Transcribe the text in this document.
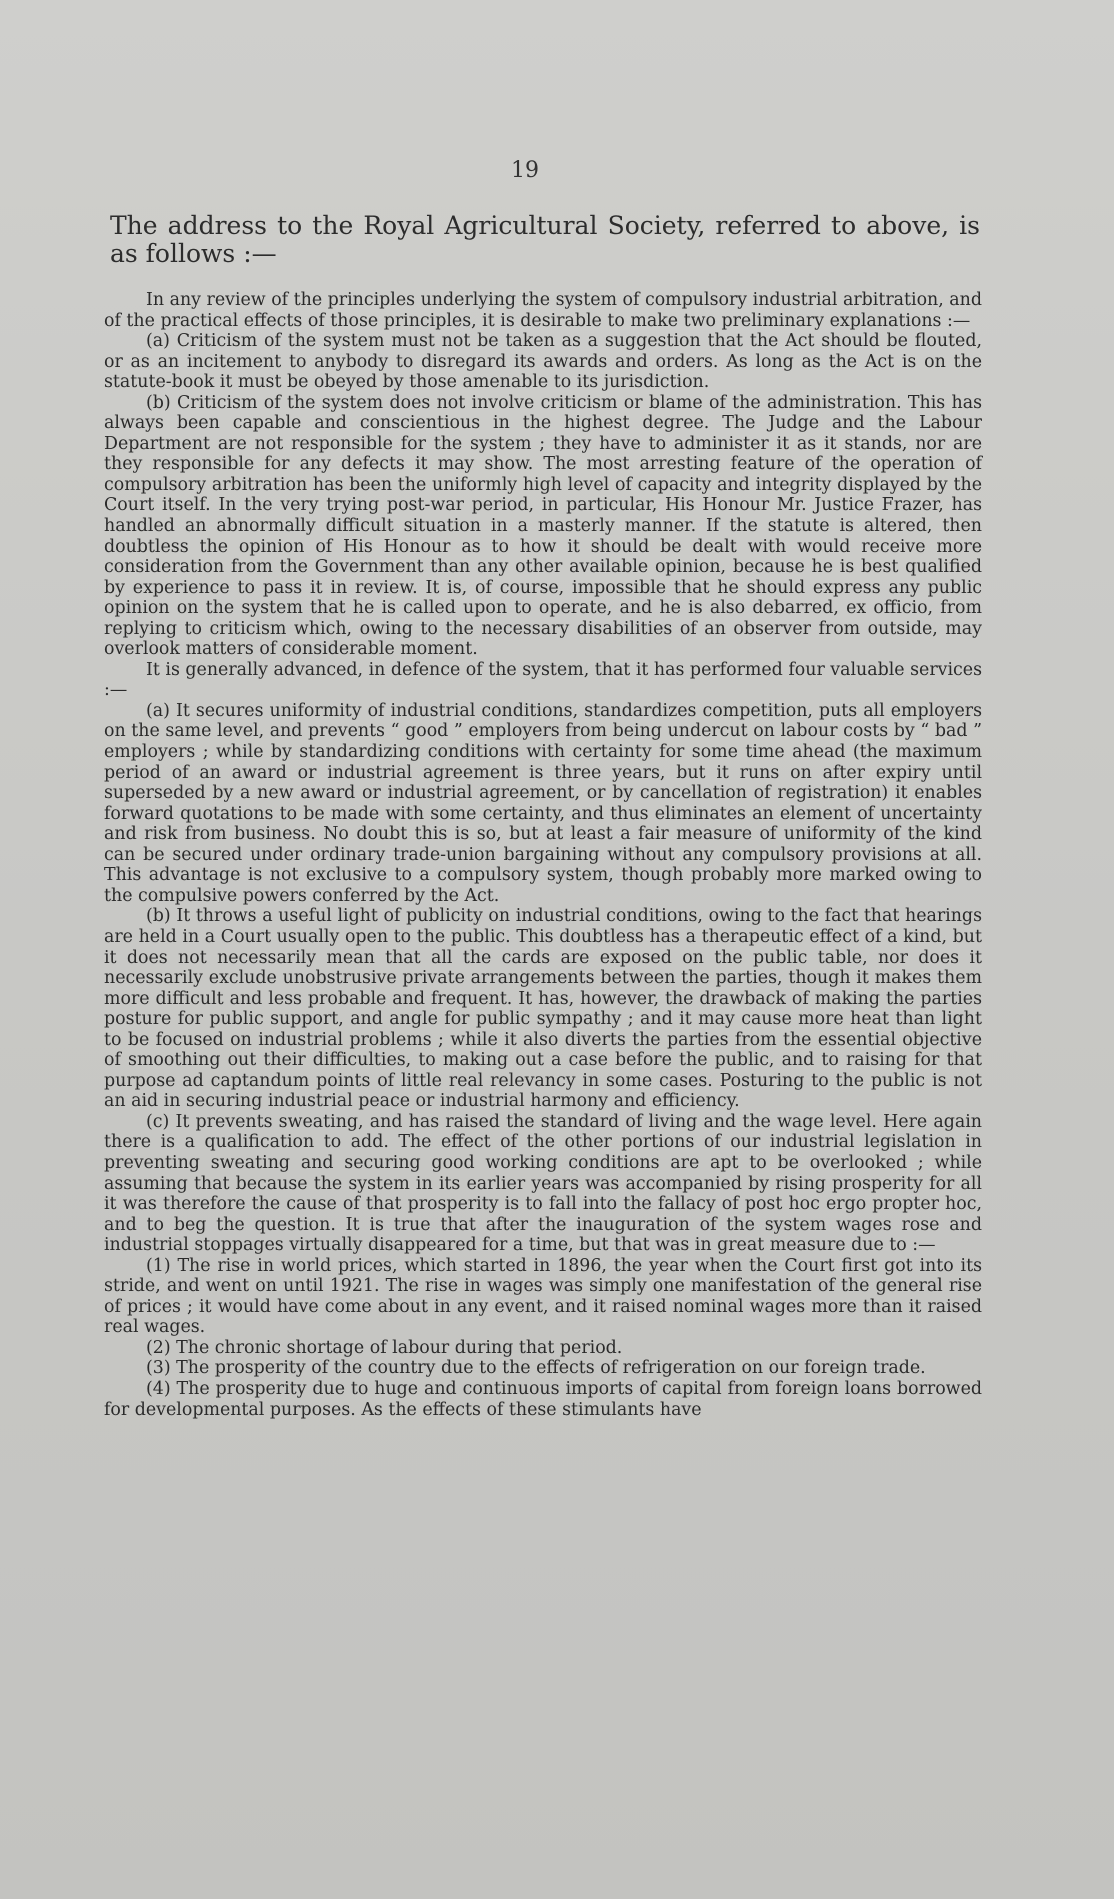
19
The address to the Royal Agricultural Society, referred to above, is as follows :—

In any review of the principles underlying the system of compulsory industrial arbitration, and of the practical effects of those principles, it is desirable to make two preliminary explanations :—

(a) Criticism of the system must not be taken as a suggestion that the Act should be flouted, or as an incitement to anybody to disregard its awards and orders. As long as the Act is on the statute-book it must be obeyed by those amenable to its jurisdiction.

(b) Criticism of the system does not involve criticism or blame of the administration. This has always been capable and conscientious in the highest degree. The Judge and the Labour Department are not responsible for the system ; they have to administer it as it stands, nor are they responsible for any defects it may show. The most arresting feature of the operation of compulsory arbitration has been the uniformly high level of capacity and integrity displayed by the Court itself. In the very trying post-war period, in particular, His Honour Mr. Justice Frazer, has handled an abnormally difficult situation in a masterly manner. If the statute is altered, then doubtless the opinion of His Honour as to how it should be dealt with would receive more consideration from the Government than any other available opinion, because he is best qualified by experience to pass it in review. It is, of course, impossible that he should express any public opinion on the system that he is called upon to operate, and he is also debarred, ex officio, from replying to criticism which, owing to the necessary disabilities of an observer from outside, may overlook matters of considerable moment.

It is generally advanced, in defence of the system, that it has performed four valuable services :—

(a) It secures uniformity of industrial conditions, standardizes competition, puts all employers on the same level, and prevents “ good ” employers from being undercut on labour costs by “ bad ” employers ; while by standardizing conditions with certainty for some time ahead (the maximum period of an award or industrial agreement is three years, but it runs on after expiry until superseded by a new award or industrial agreement, or by cancellation of registration) it enables forward quotations to be made with some certainty, and thus eliminates an element of uncertainty and risk from business. No doubt this is so, but at least a fair measure of uniformity of the kind can be secured under ordinary trade-union bargaining without any compulsory provisions at all. This advantage is not exclusive to a compulsory system, though probably more marked owing to the compulsive powers conferred by the Act.

(b) It throws a useful light of publicity on industrial conditions, owing to the fact that hearings are held in a Court usually open to the public. This doubtless has a therapeutic effect of a kind, but it does not necessarily mean that all the cards are exposed on the public table, nor does it necessarily exclude unobstrusive private arrangements between the parties, though it makes them more difficult and less probable and frequent. It has, however, the drawback of making the parties posture for public support, and angle for public sympathy ; and it may cause more heat than light to be focused on industrial problems ; while it also diverts the parties from the essential objective of smoothing out their difficulties, to making out a case before the public, and to raising for that purpose ad captandum points of little real relevancy in some cases. Posturing to the public is not an aid in securing industrial peace or industrial harmony and efficiency.

(c) It prevents sweating, and has raised the standard of living and the wage level. Here again there is a qualification to add. The effect of the other portions of our industrial legislation in preventing sweating and securing good working conditions are apt to be overlooked ; while assuming that because the system in its earlier years was accompanied by rising prosperity for all it was therefore the cause of that prosperity is to fall into the fallacy of post hoc ergo propter hoc, and to beg the question. It is true that after the inauguration of the system wages rose and industrial stoppages virtually disappeared for a time, but that was in great measure due to :—

(1) The rise in world prices, which started in 1896, the year when the Court first got into its stride, and went on until 1921. The rise in wages was simply one manifestation of the general rise of prices ; it would have come about in any event, and it raised nominal wages more than it raised real wages.

(2) The chronic shortage of labour during that period.

(3) The prosperity of the country due to the effects of refrigeration on our foreign trade.

(4) The prosperity due to huge and continuous imports of capital from foreign loans borrowed for developmental purposes. As the effects of these stimulants have
